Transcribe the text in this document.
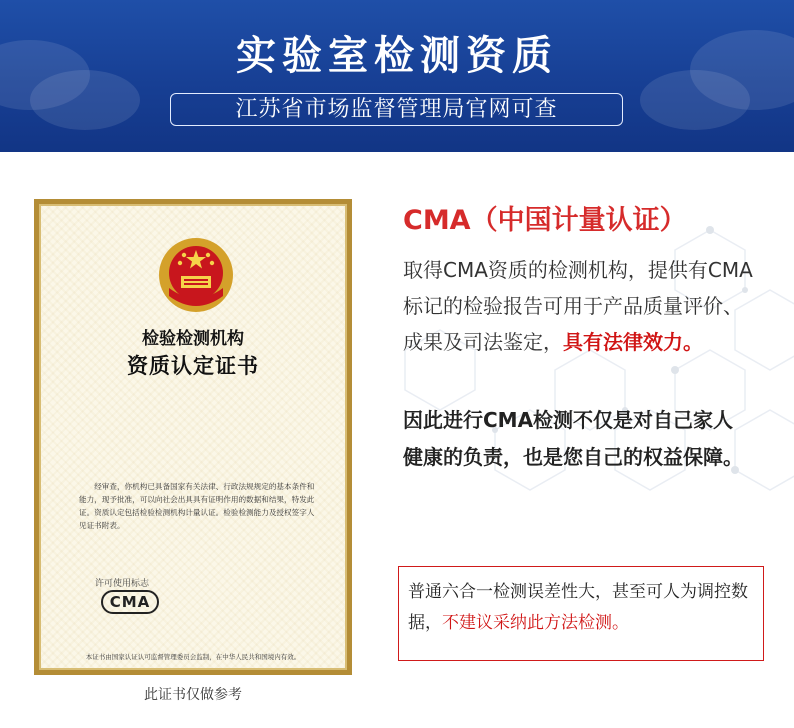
实验室检测资质
江苏省市场监督管理局官网可查
检验检测机构
资质认定证书
经审查，你机构已具备国家有关法律、行政法规规定的基本条件和能力，现予批准，可以向社会出具具有证明作用的数据和结果，特发此证。资质认定包括检验检测机构计量认证。检验检测能力及授权签字人见证书附表。
许可使用标志
CMA
本证书由国家认证认可监督管理委员会监制，在中华人民共和国境内有效。
此证书仅做参考
CMA（中国计量认证）
取得CMA资质的检测机构，提供有CMA标记的检验报告可用于产品质量评价、成果及司法鉴定，具有法律效力。
因此进行CMA检测不仅是对自己家人健康的负责，也是您自己的权益保障。
普通六合一检测误差性大，甚至可人为调控数据，不建议采纳此方法检测。
